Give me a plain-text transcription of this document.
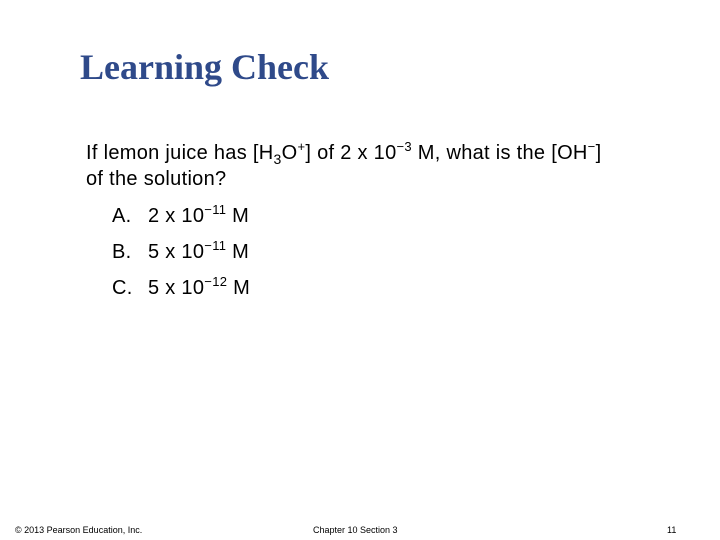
Learning Check
If lemon juice has $[H_3O^+]$ of 2 x $10^{-3}$ M, what is the [OH−]
of the solution?
A. 2 x $10^{-11}$ M
B. 5 x $10^{-11}$ M
C. 5 x $10^{-12}$ M
© 2013 Pearson Education, Inc.	Chapter 10 Section 3	11
